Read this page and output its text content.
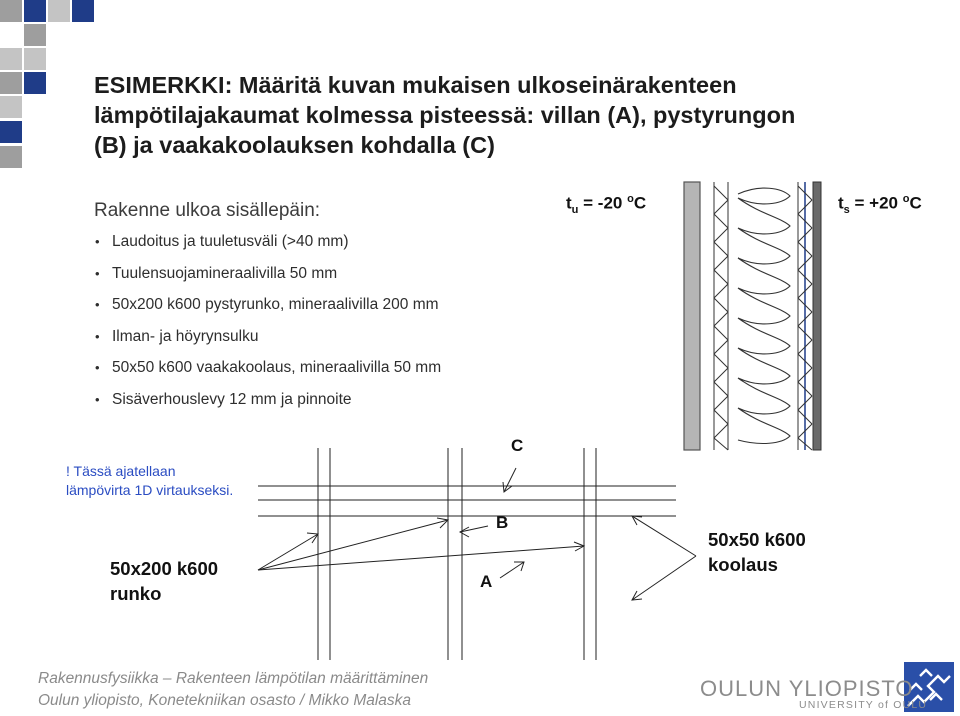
ESIMERKKI: Määritä kuvan mukaisen ulkoseinärakenteen
lämpötilajakaumat kolmessa pisteessä: villan (A), pystyrungon
(B) ja vaakakoolauksen kohdalla (C)
Rakenne ulkoa sisällepäin:
• Laudoitus ja tuuletusväli (>40 mm)
• Tuulensuojamineraalivilla 50 mm
• 50x200 k600 pystyrunko, mineraalivilla 200 mm
• Ilman- ja höyrynsulku
• 50x50 k600 vaakakoolaus, mineraalivilla 50 mm
• Sisäverhouslevy 12 mm ja pinnoite
! Tässä ajatellaan
lämpövirta 1D virtaukseksi.
$t_u = -20$ $^o$C	$t_s = +20$ $^o$C
C
B
A
50x200 k600
runko
50x50 k600
koolaus
Rakennusfysiikka – Rakenteen lämpötilan määrittäminen
Oulun yliopisto, Konetekniikan osasto / Mikko Malaska	OULUN YLIOPISTO
UNIVERSITY of OULU
